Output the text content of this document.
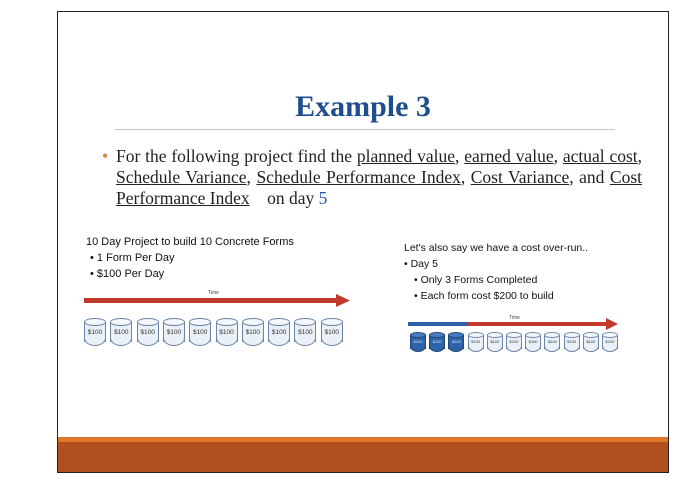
Example 3
• For the following project find the planned value, earned value, actual cost, Schedule Variance, Schedule Performance Index, Cost Variance, and Cost Performance Index    on day 5
10 Day Project to build 10 Concrete Forms
• 1 Form Per Day
• $100 Per Day
Time
$100	$100	$100	$100	$100	$100	$100	$100	$100	$100
Let's also say we have a cost over-run..
• Day 5
• Only 3 Forms Completed
• Each form cost $200 to build
Time
$200	$200	$200	$100	$100	$100	$100	$100	$100	$100	$100
